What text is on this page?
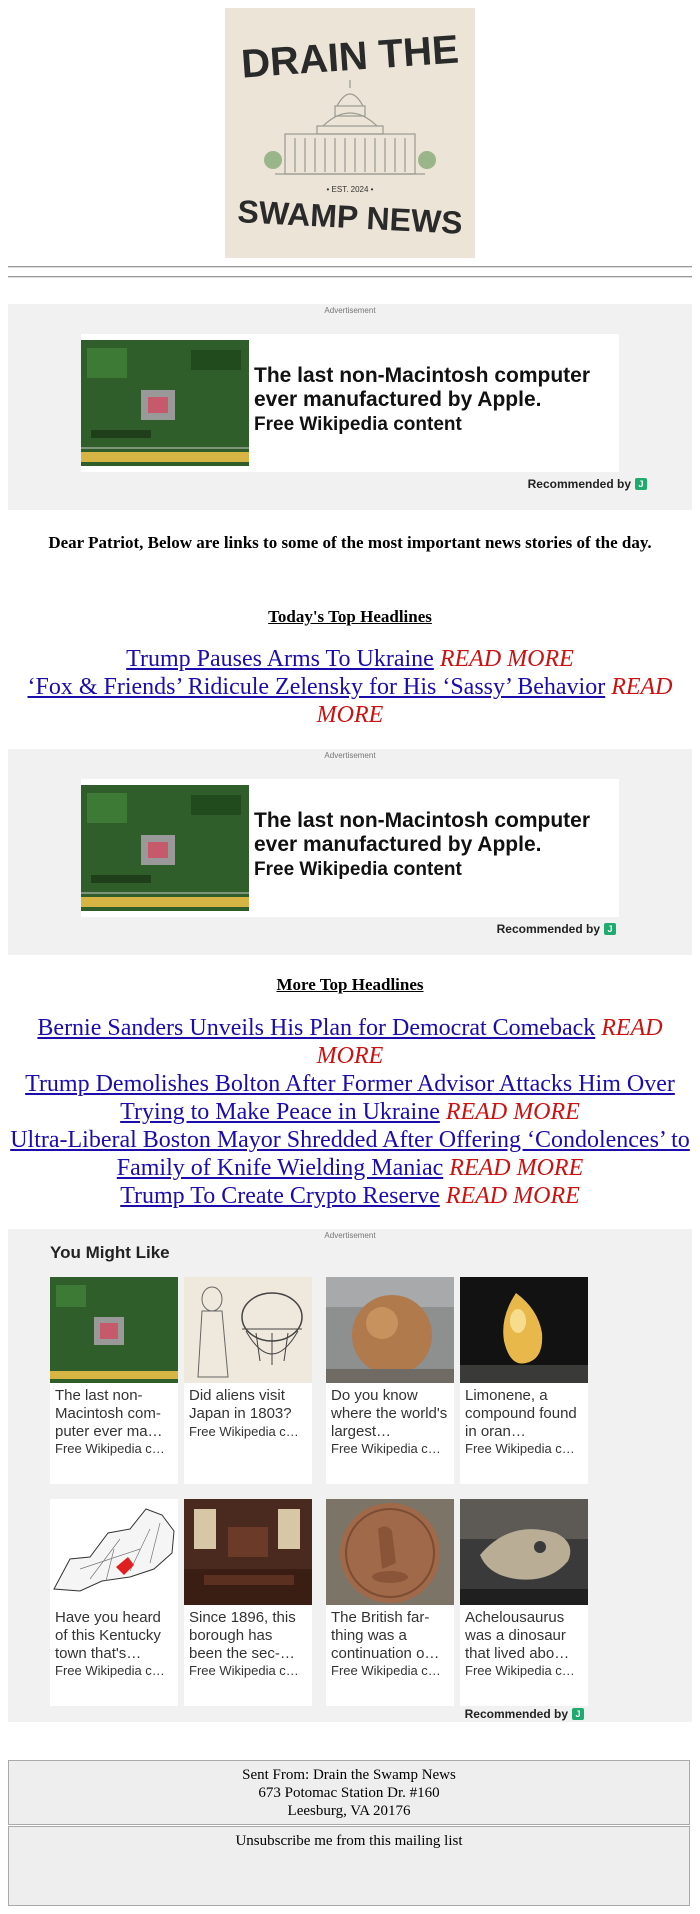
DRAIN THE
• EST. 2024 •
SWAMP NEWS
Advertisement
The last non-Macintosh computer ever manufactured by Apple.
Free Wikipedia content
Recommended by J
Dear Patriot, Below are links to some of the most important news stories of the day.
Today's Top Headlines
Trump Pauses Arms To Ukraine READ MORE
‘Fox & Friends’ Ridicule Zelensky for His ‘Sassy’ Behavior READ MORE
Advertisement
The last non-Macintosh computer ever manufactured by Apple.
Free Wikipedia content
Recommended by J
More Top Headlines
Bernie Sanders Unveils His Plan for Democrat Comeback READ MORE
Trump Demolishes Bolton After Former Advisor Attacks Him Over Trying to Make Peace in Ukraine READ MORE
Ultra-Liberal Boston Mayor Shredded After Offering ‘Condolences’ to Family of Knife Wielding Maniac READ MORE
Trump To Create Crypto Reserve READ MORE
Advertisement
You Might Like
The last non-Macintosh com-puter ever ma…
Free Wikipedia c…
Did aliens visit Japan in 1803?
Free Wikipedia c…
Do you know where the world's largest…
Free Wikipedia c…
Limonene, a compound found in oran…
Free Wikipedia c…
Have you heard of this Kentucky town that's…
Free Wikipedia c…
Since 1896, this borough has been the sec-…
Free Wikipedia c…
The British far-thing was a continuation o…
Free Wikipedia c…
Achelousaurus was a dinosaur that lived abo…
Free Wikipedia c…
Recommended by J
Sent From: Drain the Swamp News
673 Potomac Station Dr. #160
Leesburg, VA 20176
Unsubscribe me from this mailing list
